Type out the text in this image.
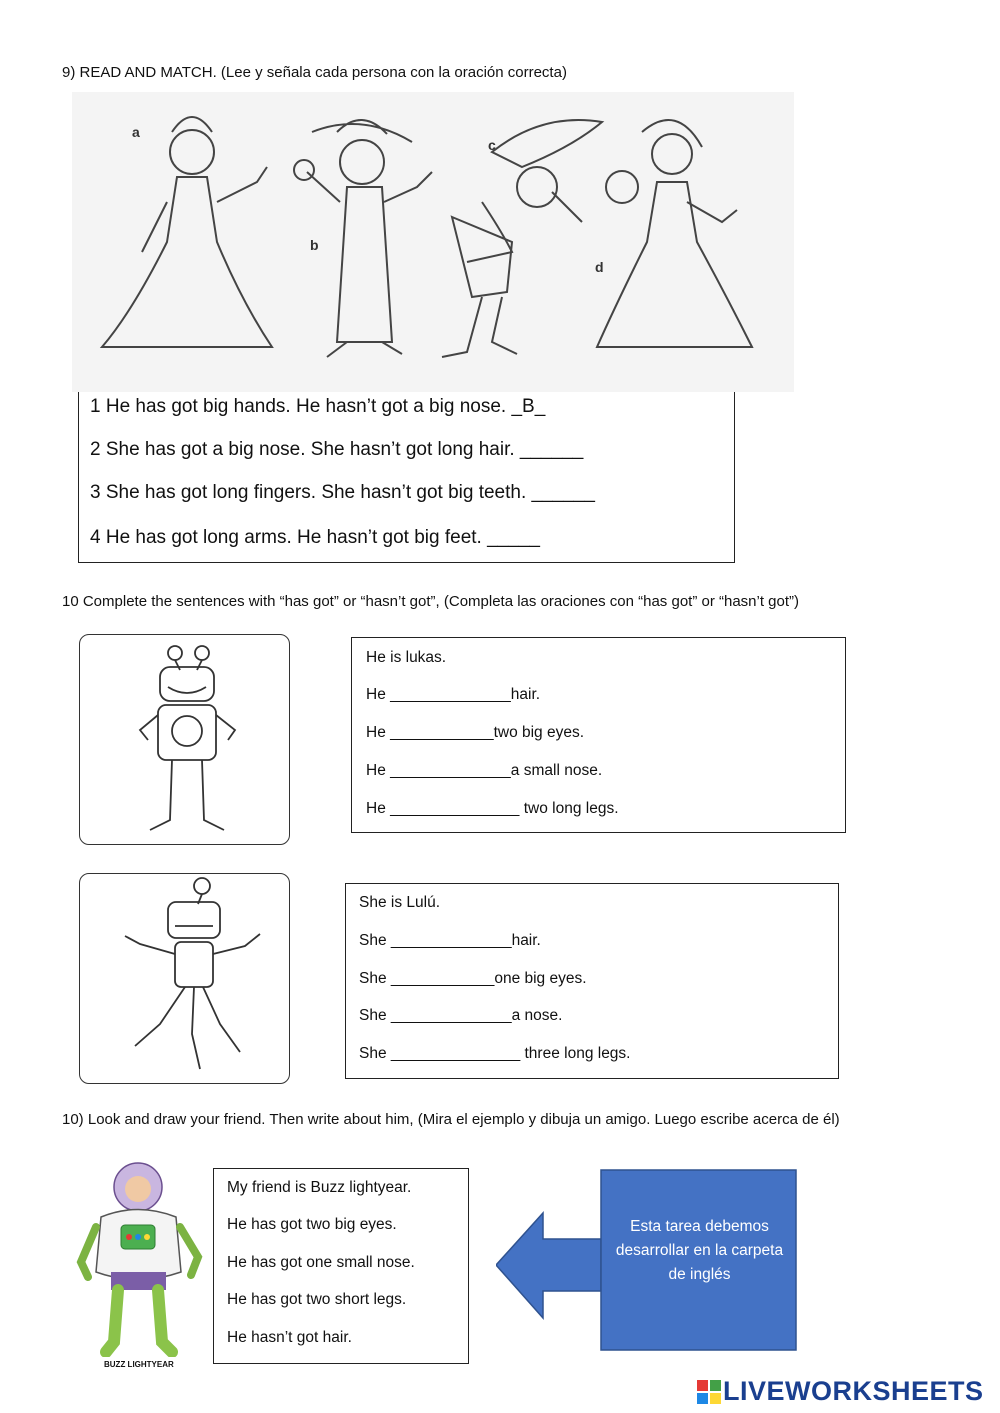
9) READ AND MATCH. (Lee y señala cada persona con la oración correcta)
a
b
c
d
1 He has got big hands. He hasn’t got a big nose. _B_
2 She has got a big nose. She hasn’t got long hair. ______
3 She has got long fingers. She hasn’t got big teeth. ______
4 He has got long arms. He hasn’t got big feet. _____
10 Complete the sentences with “has got” or “hasn’t got”, (Completa las oraciones con “has got” or “hasn’t got”)
He is lukas.
He ______________hair.
He ____________two big eyes.
He ______________a small nose.
He _______________ two long legs.
She is Lulú.
She ______________hair.
She ____________one big eyes.
She ______________a nose.
She _______________ three long legs.
10) Look and draw your friend. Then write about him, (Mira el ejemplo y dibuja un amigo. Luego escribe acerca de él)
BUZZ LIGHTYEAR
My friend is Buzz lightyear.
He has got two big eyes.
He has got one small nose.
He has got two short legs.
He hasn’t got hair.
Esta tarea debemos desarrollar en la carpeta de inglés
LIVEWORKSHEETS
